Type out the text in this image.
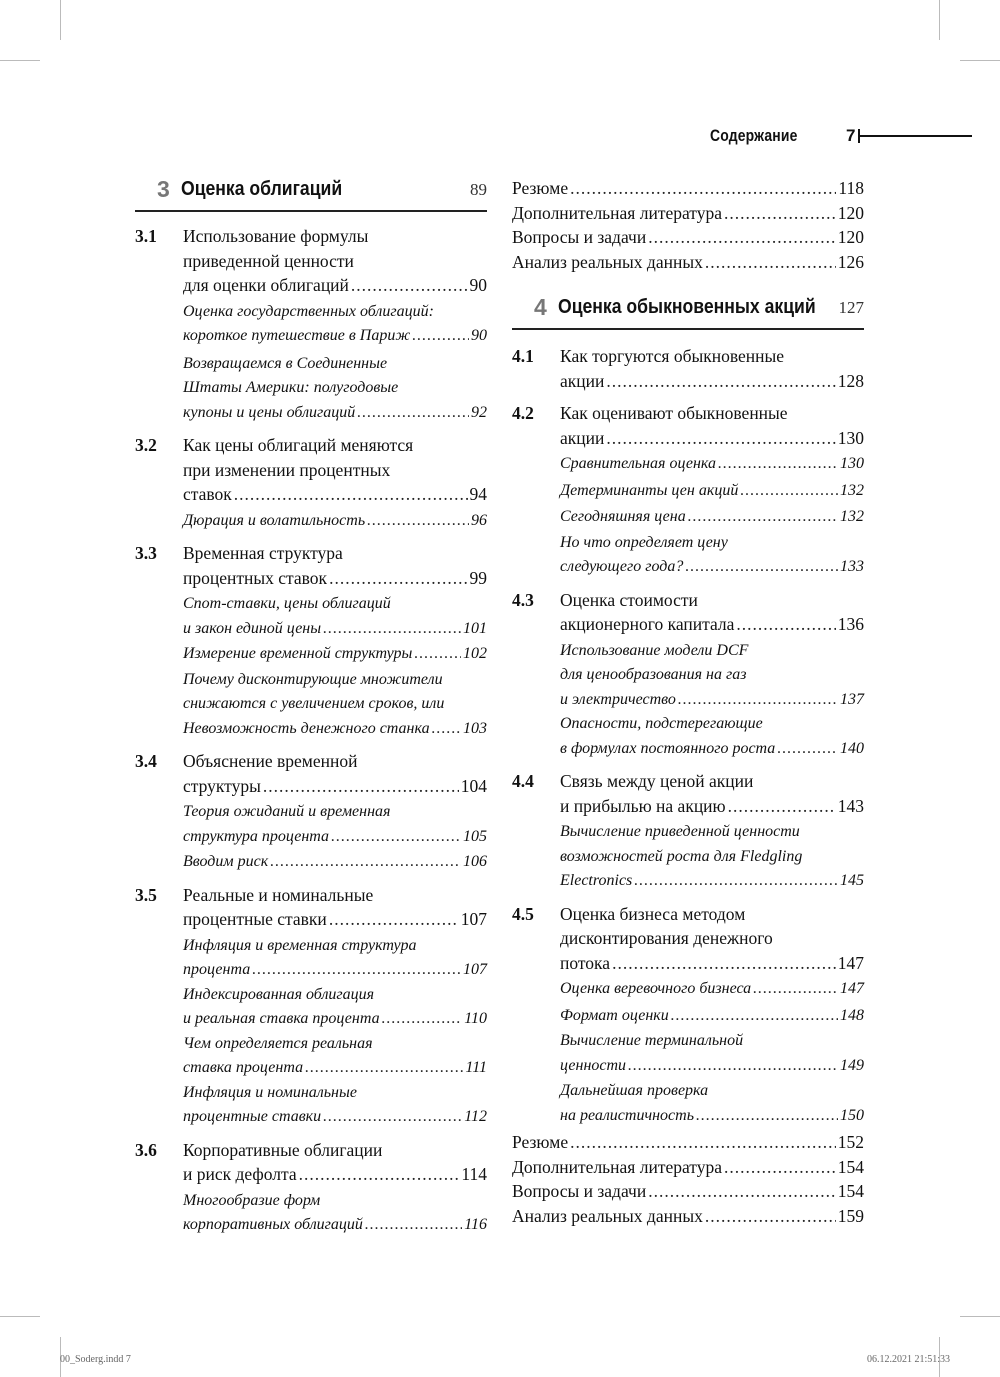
Содержание	7
3 Оценка облигаций	89
3.1 Использование формулы
приведенной ценности
для оценки облигаций .....	90
Оценка государственных облигаций:
короткое путешествие в Париж .....	90
Возвращаемся в Соединенные
Штаты Америки: полугодовые
купоны и цены облигаций .....	92
3.2 Как цены облигаций меняются
при изменении процентных
ставок .....	94
Дюрация и волатильность .....	96
3.3 Временная структура
процентных ставок .....	99
Спот-ставки, цены облигаций
и закон единой цены .....	101
Измерение временной структуры .....	102
Почему дисконтирующие множители
снижаются с увеличением сроков, или
Невозможность денежного станка ..... 103
3.4 Объяснение временной
структуры .....	104
Теория ожиданий и временная
структура процента .....	105
Вводим риск .....	106
3.5 Реальные и номинальные
процентные ставки .....	107
Инфляция и временная структура
процента .....	107
Индексированная облигация
и реальная ставка процента .....	110
Чем определяется реальная
ставка процента .....	111
Инфляция и номинальные
процентные ставки .....	112
3.6 Корпоративные облигации
и риск дефолта .....	114
Многообразие форм
корпоративных облигаций .....	116
Резюме .....	118
Дополнительная литература .....	120
Вопросы и задачи .....	120
Анализ реальных данных .....	126
4 Оценка обыкновенных акций 127
4.1 Как торгуются обыкновенные
акции .....	128
4.2 Как оценивают обыкновенные
акции .....	130
Сравнительная оценка .....	130
Детерминанты цен акций .....	132
Сегодняшняя цена .....	132
Но что определяет цену
следующего года? .....	133
4.3 Оценка стоимости
акционерного капитала .....	136
Использование модели DCF
для ценообразования на газ
и электричество .....	137
Опасности, подстерегающие
в формулах постоянного роста .....	140
4.4 Связь между ценой акции
и прибылью на акцию .....	143
Вычисление приведенной ценности
возможностей роста для Fledgling
Electronics .....	145
4.5 Оценка бизнеса методом
дисконтирования денежного
потока .....	147
Оценка веревочного бизнеса .....	147
Формат оценки .....	148
Вычисление терминальной
ценности .....	149
Дальнейшая проверка
на реалистичность .....	150
Резюме .....	152
Дополнительная литература .....	154
Вопросы и задачи .....	154
Анализ реальных данных .....	159
00_Soderg.indd 7	06.12.2021 21:51:33
